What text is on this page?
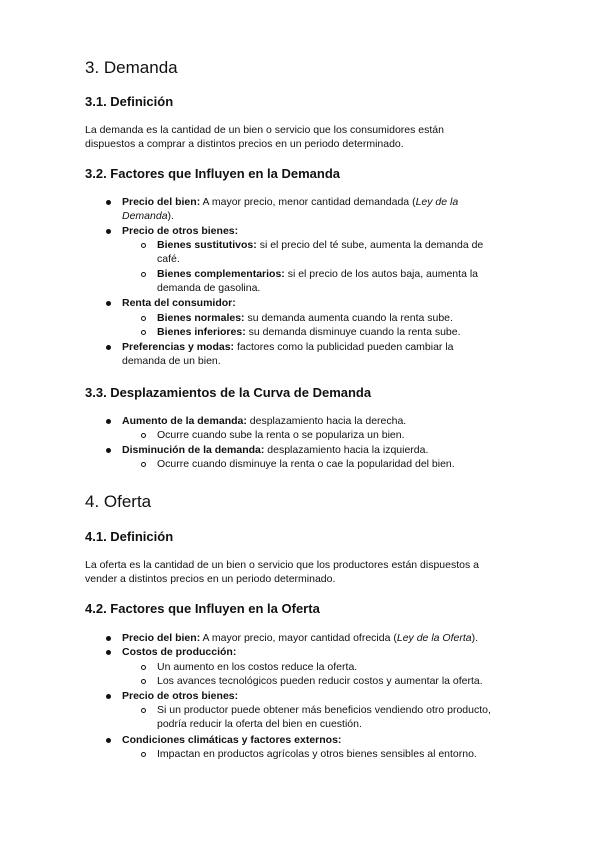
3. Demanda
3.1. Definición
La demanda es la cantidad de un bien o servicio que los consumidores están
dispuestos a comprar a distintos precios en un periodo determinado.
3.2. Factores que Influyen en la Demanda
Precio del bien: A mayor precio, menor cantidad demandada (Ley de la
Demanda).
Precio de otros bienes:
Bienes sustitutivos: si el precio del té sube, aumenta la demanda de
café.
Bienes complementarios: si el precio de los autos baja, aumenta la
demanda de gasolina.
Renta del consumidor:
Bienes normales: su demanda aumenta cuando la renta sube.
Bienes inferiores: su demanda disminuye cuando la renta sube.
Preferencias y modas: factores como la publicidad pueden cambiar la
demanda de un bien.
3.3. Desplazamientos de la Curva de Demanda
Aumento de la demanda: desplazamiento hacia la derecha.
Ocurre cuando sube la renta o se populariza un bien.
Disminución de la demanda: desplazamiento hacia la izquierda.
Ocurre cuando disminuye la renta o cae la popularidad del bien.
4. Oferta
4.1. Definición
La oferta es la cantidad de un bien o servicio que los productores están dispuestos a
vender a distintos precios en un periodo determinado.
4.2. Factores que Influyen en la Oferta
Precio del bien: A mayor precio, mayor cantidad ofrecida (Ley de la Oferta).
Costos de producción:
Un aumento en los costos reduce la oferta.
Los avances tecnológicos pueden reducir costos y aumentar la oferta.
Precio de otros bienes:
Si un productor puede obtener más beneficios vendiendo otro producto,
podría reducir la oferta del bien en cuestión.
Condiciones climáticas y factores externos:
Impactan en productos agrícolas y otros bienes sensibles al entorno.
